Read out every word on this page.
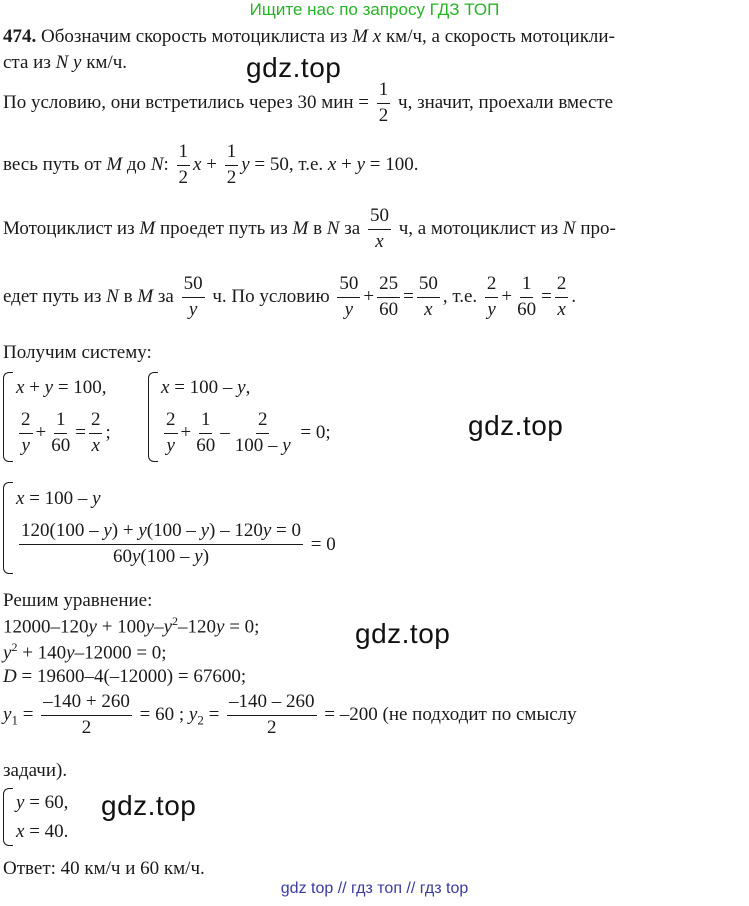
Ищите нас по запросу ГДЗ ТОП
474. Обозначим скорость мотоциклиста из M x км/ч, а скорость мотоцикли-
ста из N y км/ч.
По условию, они встретились через 30 мин = $\frac{1}{2} ч$, значит, проехали вместе
весь путь от M до N: $\frac{1}{2}$ $x + \frac{1}{2}$ y = 50, т.е. x + y = 100.
Мотоциклист из M проедет путь из M в N за $\frac{50}{x} ч$, а мотоциклист из N про-
едет путь из N в M за $\frac{50}{y} ч$. По условию $\frac{50}{y} + \frac{25}{60} = \frac{50}{x}$ , т.е. $\frac{2}{y} + \frac{1}{60} = \frac{2}{x}$ .
Получим систему:
x + y = 100,
$\frac{2}{y} + \frac{1}{60} = \frac{2}{x}$ ;
x = 100 – y ,
$\frac{2}{y} + \frac{1}{60} - \frac{2}{100 - y} = 0$;
x = 100 – y
$\frac{120(100 - y) + y(100 - y) - 120y = 0}{60y(100 - y)} = 0$
Решим уравнение:
$12000-120y + 100y-y^2-120y = 0$;
$y^2 + 140y-12000 = 0$;
D = 19600–4(–12000) = 67600;
$y_1 = \frac{-140 + 260}{2} = 60$ ; $y_2 = \frac{-140 - 260}{2} = -200$ (не подходит по смыслу
задачи).
y = 60,
x = 40.
Ответ: 40 км/ч и 60 км/ч.
gdz.top
gdz.top
gdz.top
gdz.top
gdz top // гдз топ // гдз top
